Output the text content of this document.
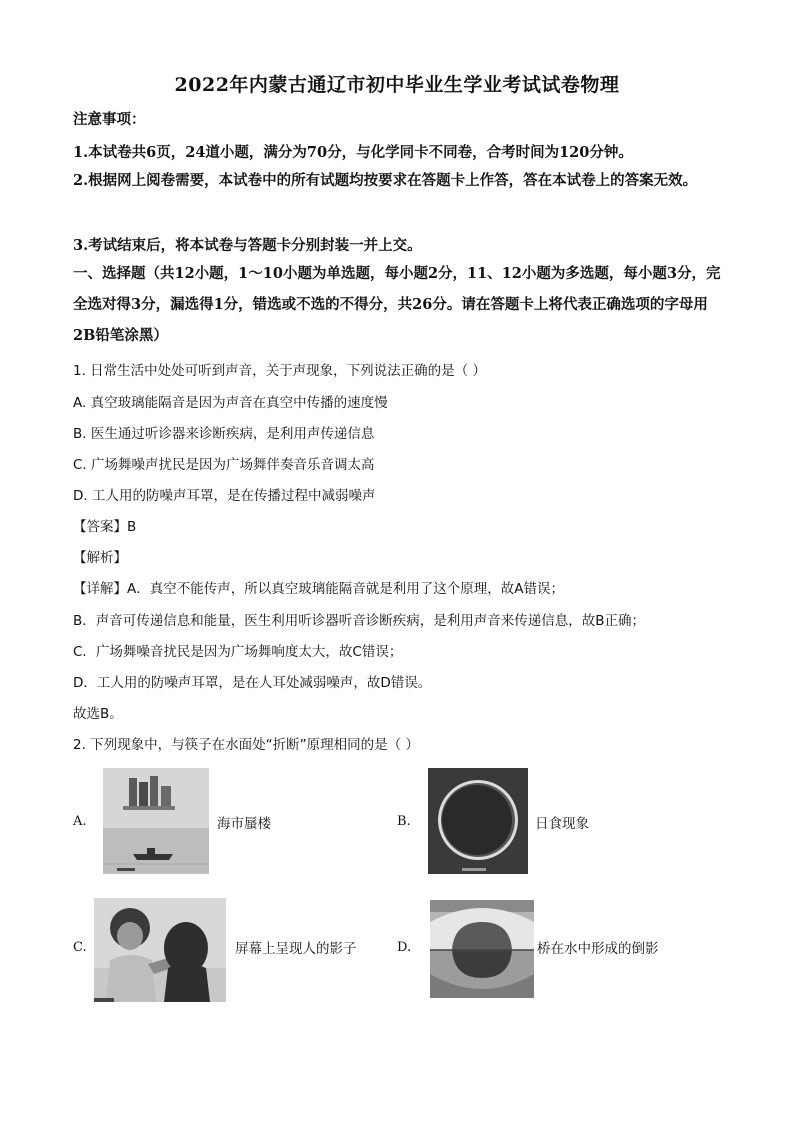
2022年内蒙古通辽市初中毕业生学业考试试卷物理
注意事项：
1.本试卷共6页，24道小题，满分为70分，与化学同卡不同卷，合考时间为120分钟。
2.根据网上阅卷需要，本试卷中的所有试题均按要求在答题卡上作答，答在本试卷上的答案无效。
3.考试结束后，将本试卷与答题卡分别封装一并上交。
一、选择题（共12小题，1～10小题为单选题，每小题2分，11、12小题为多选题，每小题3分，完全选对得3分，漏选得1分，错选或不选的不得分，共26分。请在答题卡上将代表正确选项的字母用2B铅笔涂黑）
1. 日常生活中处处可听到声音，关于声现象，下列说法正确的是（ ）
A. 真空玻璃能隔音是因为声音在真空中传播的速度慢
B. 医生通过听诊器来诊断疾病，是利用声传递信息
C. 广场舞噪声扰民是因为广场舞伴奏音乐音调太高
D. 工人用的防噪声耳罩，是在传播过程中减弱噪声
【答案】B
【解析】
【详解】A．真空不能传声，所以真空玻璃能隔音就是利用了这个原理，故A错误；
B．声音可传递信息和能量，医生利用听诊器听音诊断疾病，是利用声音来传递信息，故B正确；
C．广场舞噪音扰民是因为广场舞响度太大，故C错误；
D．工人用的防噪声耳罩，是在人耳处减弱噪声，故D错误。
故选B。
2. 下列现象中，与筷子在水面处“折断”原理相同的是（ ）
A.	海市蜃楼	B.	日食现象
C.	屏幕上呈现人的影子	D.	桥在水中形成的倒影
